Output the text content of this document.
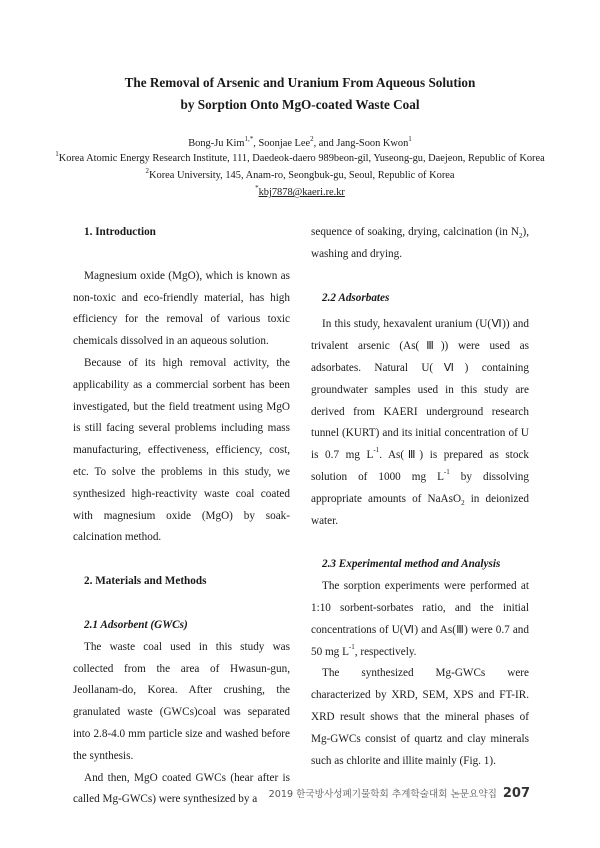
The Removal of Arsenic and Uranium From Aqueous Solution
by Sorption Onto MgO-coated Waste Coal
Bong-Ju Kim$^{1,*}$, Soonjae Lee$^2$, and Jang-Soon Kwon$^1$
$^1$Korea Atomic Energy Research Institute, 111, Daedeok-daero 989beon-gil, Yuseong-gu, Daejeon, Republic of Korea
$^2$Korea University, 145, Anam-ro, Seongbuk-gu, Seoul, Republic of Korea
*kbj7878@kaeri.re.kr

1. Introduction

Magnesium oxide (MgO), which is known as non-toxic and eco-friendly material, has high efficiency for the removal of various toxic chemicals dissolved in an aqueous solution.

Because of its high removal activity, the applicability as a commercial sorbent has been investigated, but the field treatment using MgO is still facing several problems including mass manufacturing, effectiveness, efficiency, cost, etc. To solve the problems in this study, we synthesized high-reactivity waste coal coated with magnesium oxide (MgO) by soak-calcination method.

2. Materials and Methods

2.1 Adsorbent (GWCs)

The waste coal used in this study was collected from the area of Hwasun-gun, Jeollanam-do, Korea. After crushing, the granulated waste (GWCs)coal was separated into 2.8-4.0 mm particle size and washed before the synthesis.

And then, MgO coated GWCs (hear after is called Mg-GWCs) were synthesized by a

sequence of soaking, drying, calcination (in $N_2$), washing and drying.

2.2 Adsorbates

In this study, hexavalent uranium (U(Ⅵ)) and trivalent arsenic (As(Ⅲ)) were used as adsorbates. Natural U(Ⅵ) containing groundwater samples used in this study are derived from KAERI underground research tunnel (KURT) and its initial concentration of U is 0.7 mg $L^{-1}$. As(Ⅲ) is prepared as stock solution of 1000 mg $L^{-1}$ by dissolving appropriate amounts of NaAsO$_2$ in deionized water.

2.3 Experimental method and Analysis

The sorption experiments were performed at 1:10 sorbent-sorbates ratio, and the initial concentrations of U(Ⅵ) and As(Ⅲ) were 0.7 and 50 mg $L^{-1}$, respectively.

The synthesized Mg-GWCs were characterized by XRD, SEM, XPS and FT-IR. XRD result shows that the mineral phases of Mg-GWCs consist of quartz and clay minerals such as chlorite and illite mainly (Fig. 1).

2019 한국방사성폐기물학회 추계학술대회 논문요약집 207
